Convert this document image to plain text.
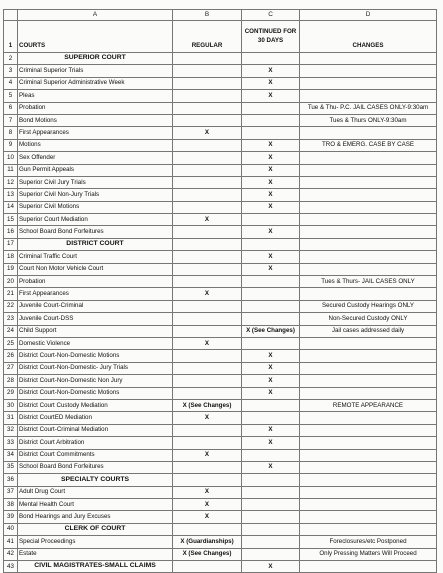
	A	B	C	D
1	COURTS	REGULAR	CONTINUED FOR 30 DAYS	CHANGES
2	SUPERIOR COURT			
3	Criminal Superior Trials		X	
4	Criminal Superior Administrative Week		X	
5	Pleas		X	
6	Probation			Tue & Thu- P.C. JAIL CASES ONLY-9:30am
7	Bond Motions			Tues & Thurs ONLY-9:30am
8	First Appearances	X		
9	Motions		X	TRO & EMERG. CASE BY CASE
10	Sex Offender		X	
11	Gun Permit Appeals		X	
12	Superior Civil Jury Trials		X	
13	Superior Civil Non-Jury Trials		X	
14	Superior Civil Motions		X	
15	Superior Court Mediation	X		
16	School Board Bond Forfeitures		X	
17	DISTRICT COURT			
18	Criminal Traffic Court		X	
19	Court Non Motor Vehicle Court		X	
20	Probation			Tues & Thurs- JAIL CASES ONLY
21	First Appearances	X		
22	Juvenile Court-Criminal			Secured Custody Hearings ONLY
23	Juvenile Court-DSS			Non-Secured Custody ONLY
24	Child Support		X (See Changes)	Jail cases addressed daily
25	Domestic Violence	X		
26	District Court-Non-Domestic Motions		X	
27	District Court-Non-Domestic- Jury Trials		X	
28	District Court-Non-Domestic Non Jury		X	
29	District Court-Non-Domestic Motions		X	
30	District Court Custody Mediation	X (See Changes)		REMOTE APPEARANCE
31	District CourtED Mediation	X		
32	District Court-Criminal Mediation		X	
33	District Court Arbitration		X	
34	District Court Commitments	X		
35	School Board Bond Forfeitures		X	
36	SPECIALTY COURTS			
37	Adult Drug Court	X		
38	Mental Health Court	X		
39	Bond Hearings and Jury Excuses	X		
40	CLERK OF COURT			
41	Special Proceedings	X (Guardianships)		Foreclosures/etc Postponed
42	Estate	X (See Changes)		Only Pressing Matters Will Proceed
43	CIVIL MAGISTRATES-SMALL CLAIMS		X	
